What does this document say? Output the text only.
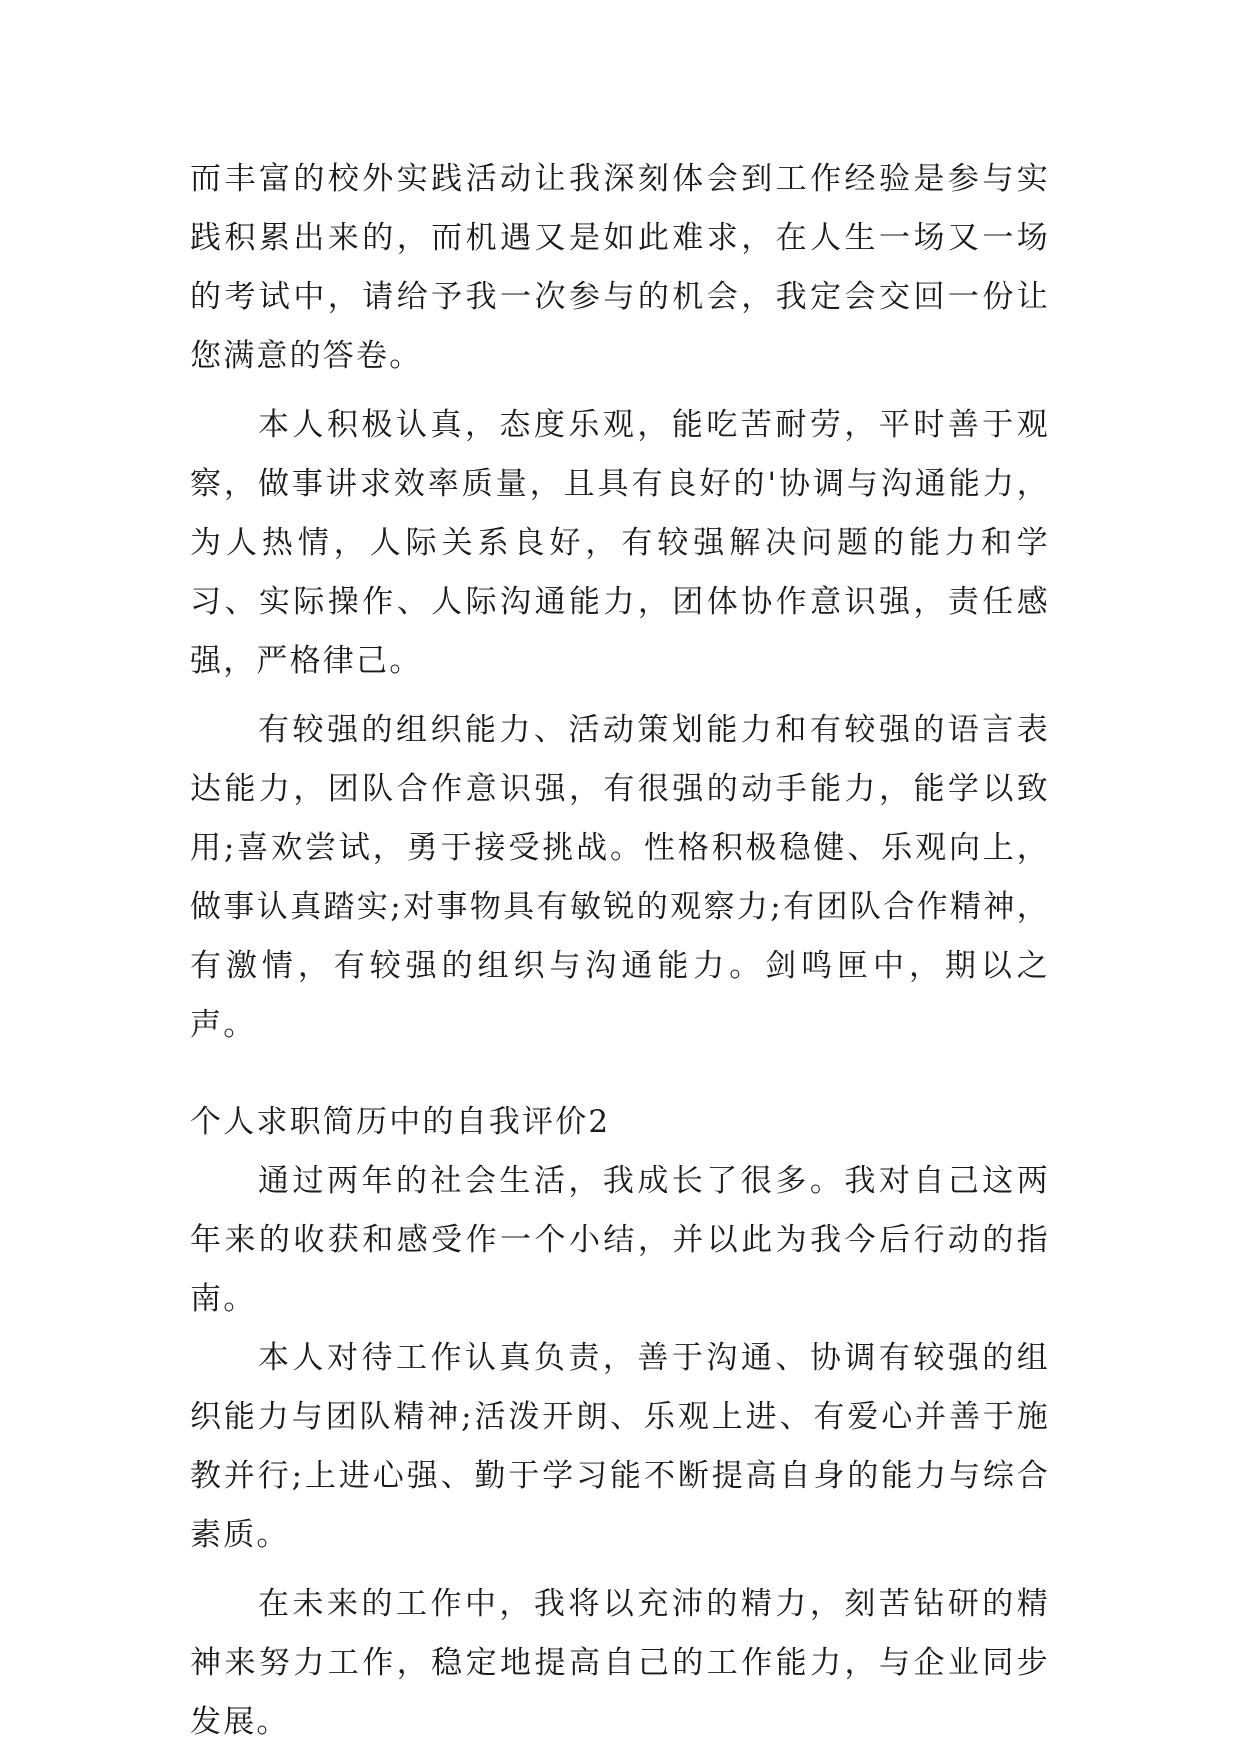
而丰富的校外实践活动让我深刻体会到工作经验是参与实践积累出来的，而机遇又是如此难求，在人生一场又一场的考试中，请给予我一次参与的机会，我定会交回一份让您满意的答卷。

本人积极认真，态度乐观，能吃苦耐劳，平时善于观察，做事讲求效率质量，且具有良好的'协调与沟通能力，为人热情，人际关系良好，有较强解决问题的能力和学习、实际操作、人际沟通能力，团体协作意识强，责任感强，严格律己。

有较强的组织能力、活动策划能力和有较强的语言表达能力，团队合作意识强，有很强的动手能力，能学以致用;喜欢尝试，勇于接受挑战。性格积极稳健、乐观向上，做事认真踏实;对事物具有敏锐的观察力;有团队合作精神，有激情，有较强的组织与沟通能力。剑鸣匣中，期以之声。

个人求职简历中的自我评价2

通过两年的社会生活，我成长了很多。我对自己这两年来的收获和感受作一个小结，并以此为我今后行动的指南。

本人对待工作认真负责，善于沟通、协调有较强的组织能力与团队精神;活泼开朗、乐观上进、有爱心并善于施教并行;上进心强、勤于学习能不断提高自身的能力与综合素质。

在未来的工作中，我将以充沛的精力，刻苦钻研的精神来努力工作，稳定地提高自己的工作能力，与企业同步发展。
